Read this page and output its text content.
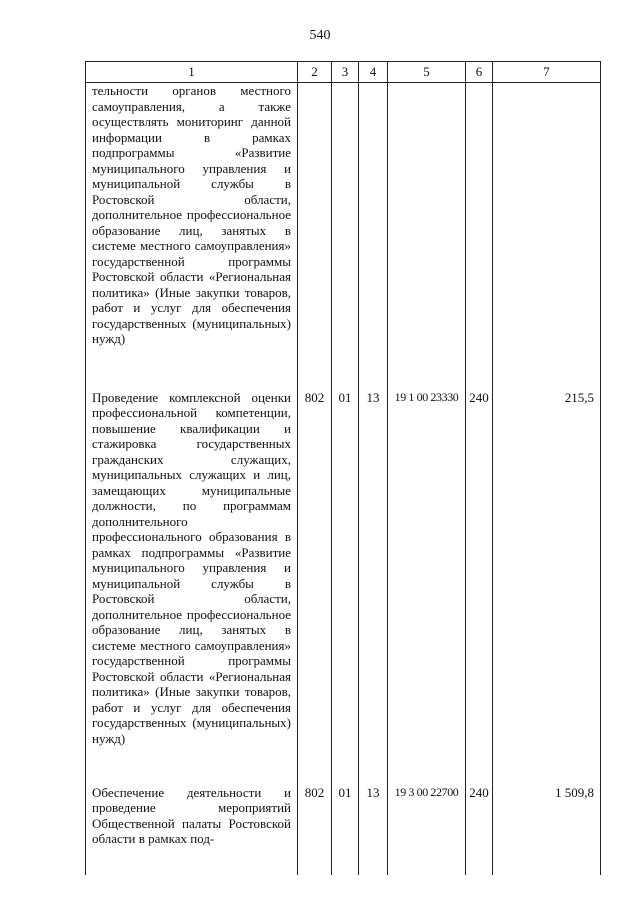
540
1	2	3	4	5	6	7
тельности органов местного самоуправления, а также осуществлять мониторинг данной информации в рамках подпрограммы «Развитие муниципального управления и муниципальной службы в Ростовской области, дополнительное профессиональное образование лиц, занятых в системе местного самоуправления» государственной программы Ростовской области «Региональная политика» (Иные закупки товаров, работ и услуг для обеспечения государственных (муниципальных) нужд)						
Проведение комплексной оценки профессиональной компетенции, повышение квалификации и стажировка государственных гражданских служащих, муниципальных служащих и лиц, замещающих муниципальные должности, по программам дополнительного профессионального образования в рамках подпрограммы «Развитие муниципального управления и муниципальной службы в Ростовской области, дополнительное профессиональное образование лиц, занятых в системе местного самоуправления» государственной программы Ростовской области «Региональная политика» (Иные закупки товаров, работ и услуг для обеспечения государственных (муниципальных) нужд)	802	01	13	19 1 00 23330	240	215,5
Обеспечение деятельности и проведение мероприятий Общественной палаты Ростовской области в рамках под-	802	01	13	19 3 00 22700	240	1 509,8
